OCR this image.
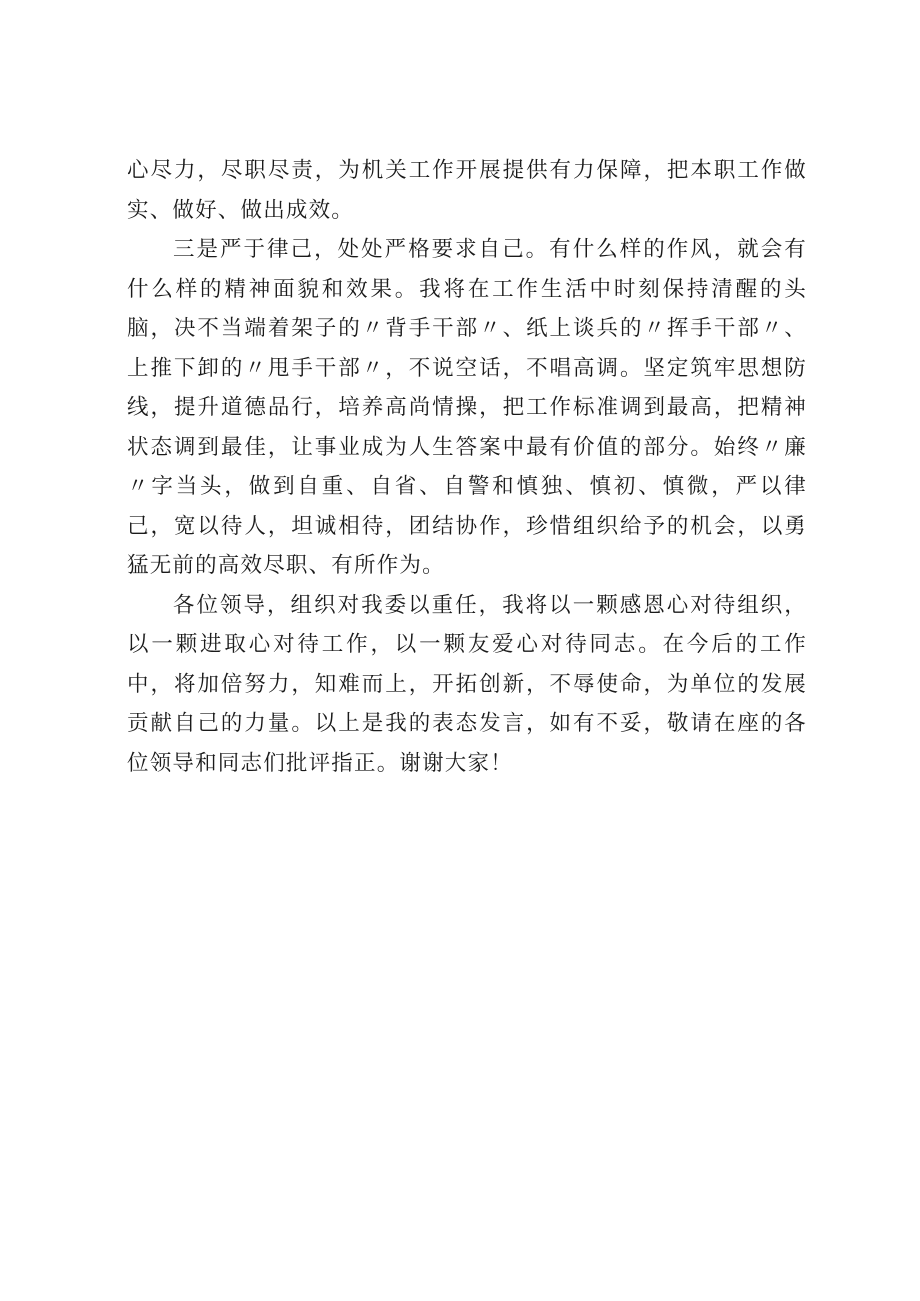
心尽力，尽职尽责，为机关工作开展提供有力保障，把本职工作做实、做好、做出成效。

三是严于律己，处处严格要求自己。有什么样的作风，就会有什么样的精神面貌和效果。我将在工作生活中时刻保持清醒的头脑，决不当端着架子的〃背手干部〃、纸上谈兵的〃挥手干部〃、上推下卸的〃甩手干部〃，不说空话，不唱高调。坚定筑牢思想防线，提升道德品行，培养高尚情操，把工作标准调到最高，把精神状态调到最佳，让事业成为人生答案中最有价值的部分。始终〃廉〃字当头，做到自重、自省、自警和慎独、慎初、慎微，严以律己，宽以待人，坦诚相待，团结协作，珍惜组织给予的机会，以勇猛无前的高效尽职、有所作为。

各位领导，组织对我委以重任，我将以一颗感恩心对待组织，以一颗进取心对待工作，以一颗友爱心对待同志。在今后的工作中，将加倍努力，知难而上，开拓创新，不辱使命，为单位的发展贡献自己的力量。以上是我的表态发言，如有不妥，敬请在座的各位领导和同志们批评指正。谢谢大家！
